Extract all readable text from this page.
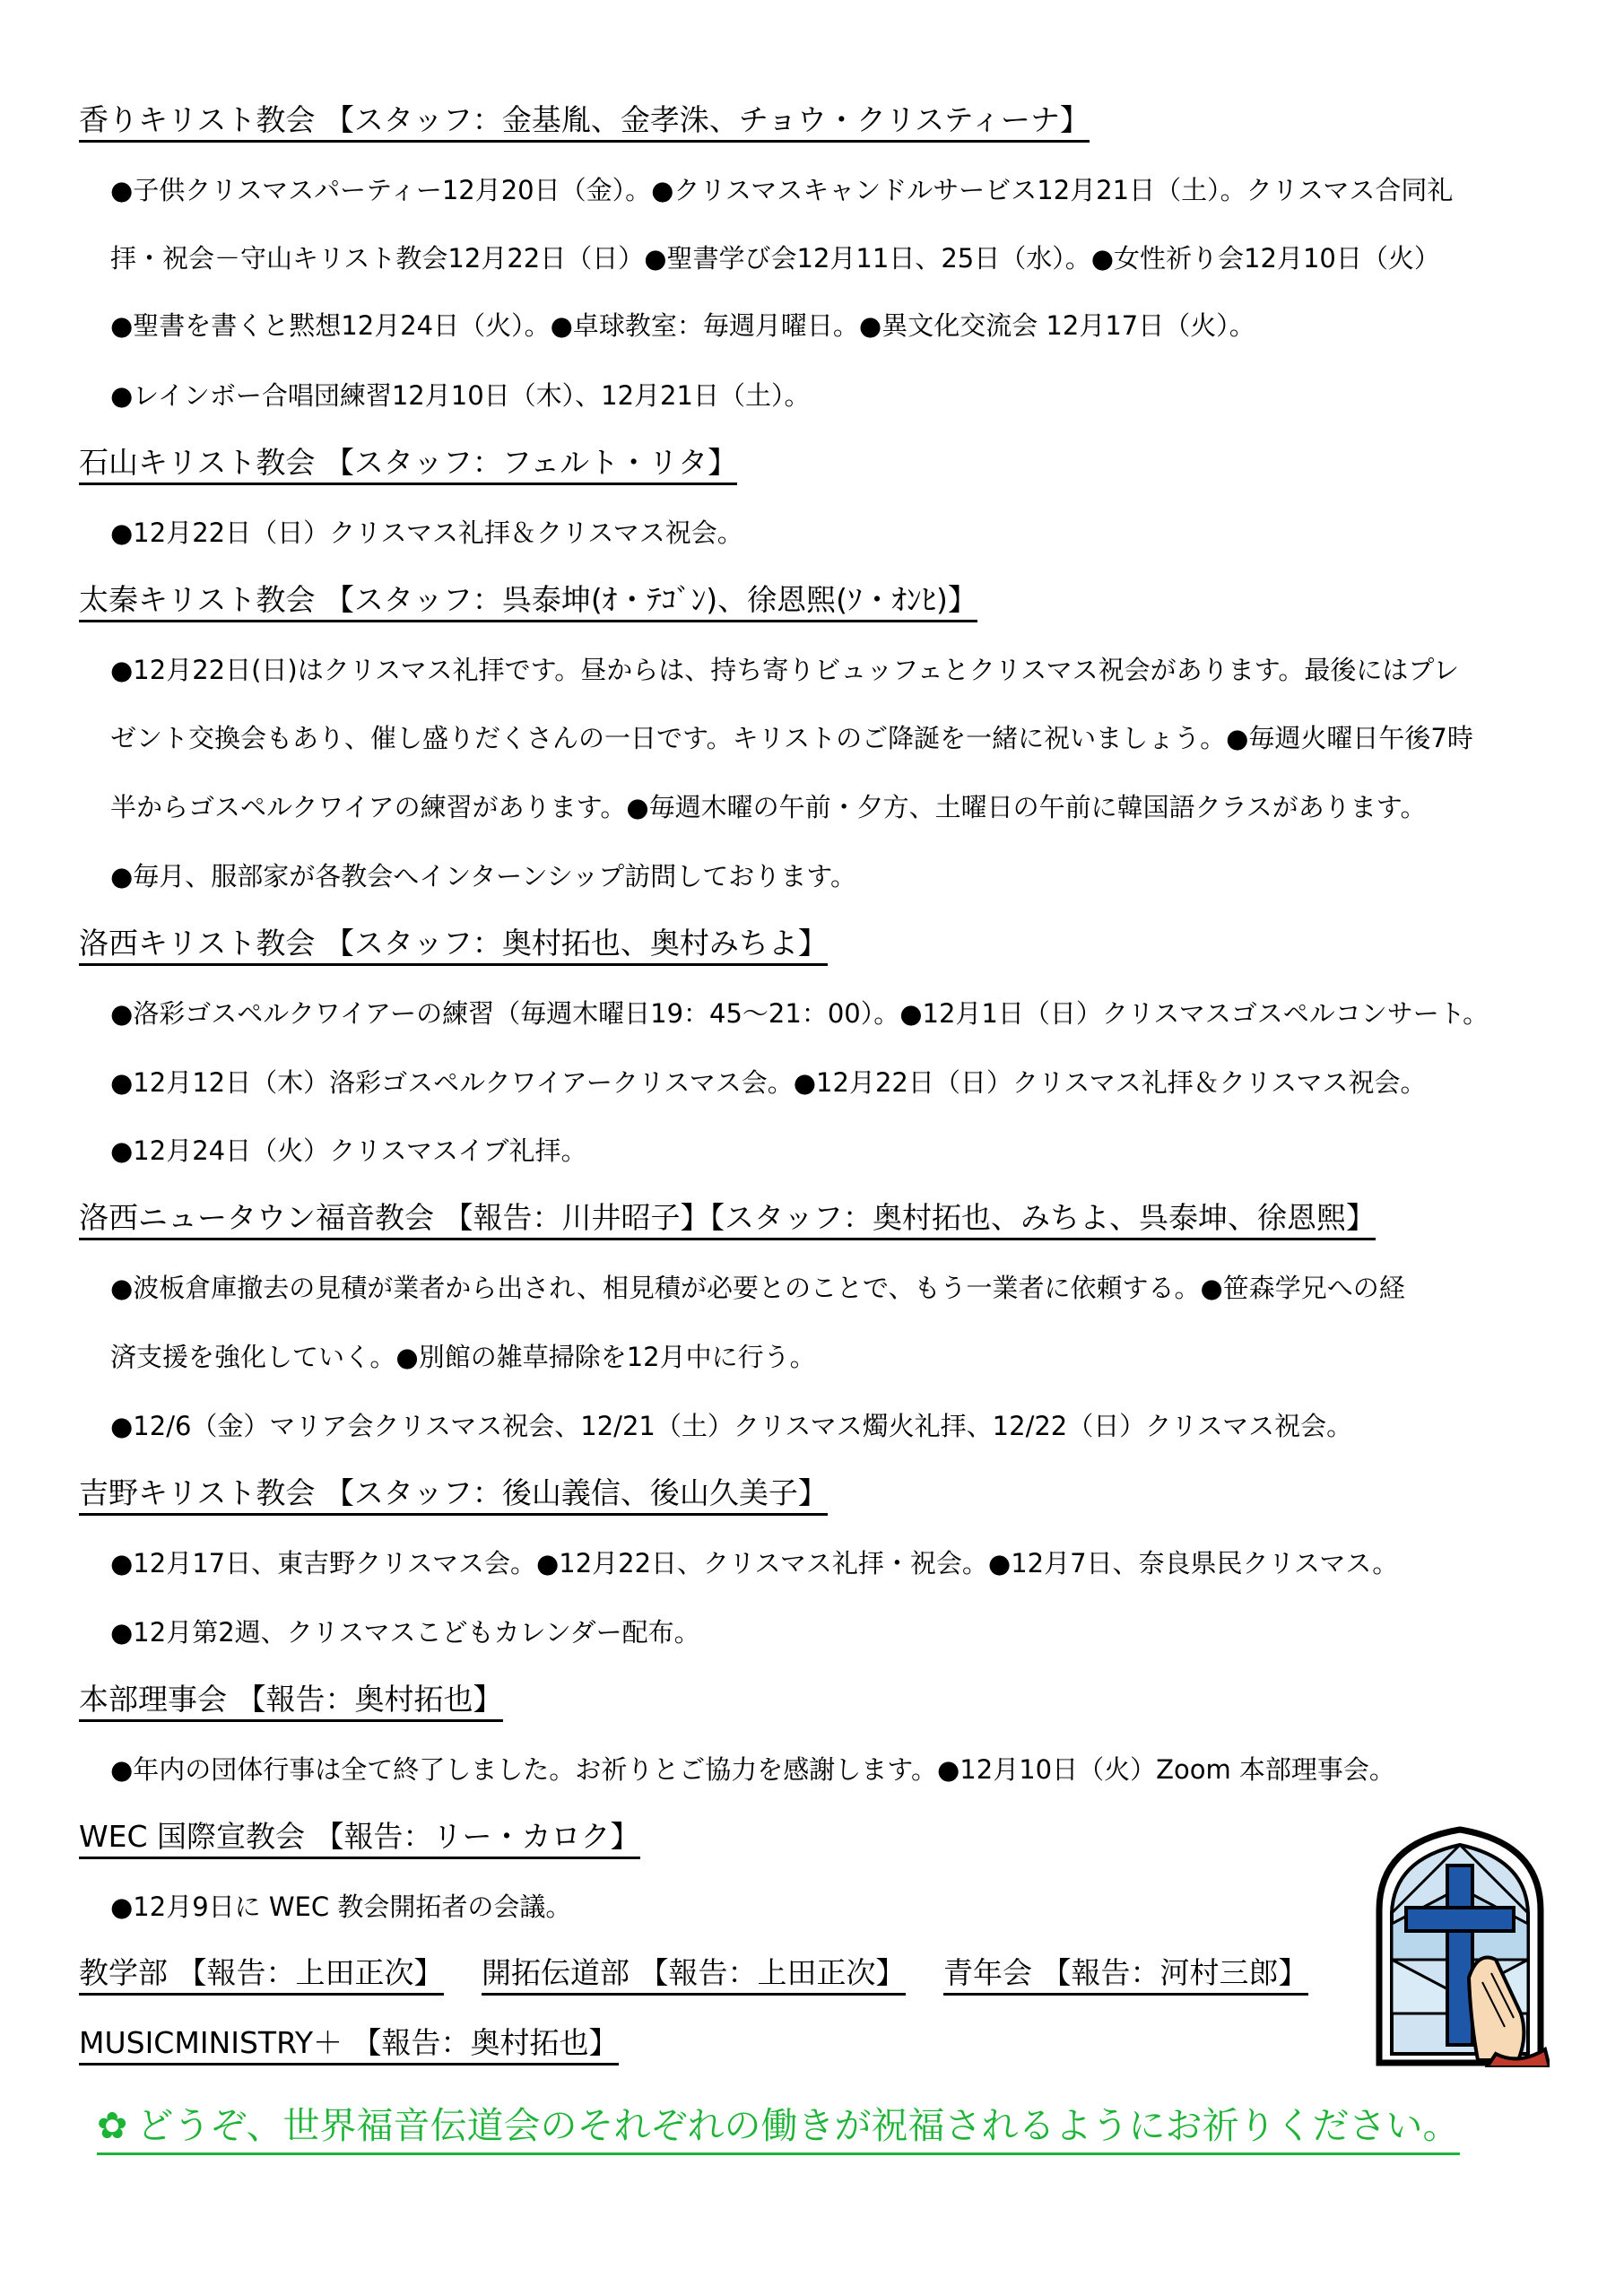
香りキリスト教会 【スタッフ：金基胤、金孝洙、チョウ・クリスティーナ】
●子供クリスマスパーティー12月20日（金）。●クリスマスキャンドルサービス12月21日（土）。クリスマス合同礼
拝・祝会－守山キリスト教会12月22日（日）●聖書学び会12月11日、25日（水）。●女性祈り会12月10日（火）
●聖書を書くと黙想12月24日（火）。●卓球教室：毎週月曜日。●異文化交流会 12月17日（火）。
●レインボー合唱団練習12月10日（木）、12月21日（土）。
石山キリスト教会 【スタッフ：フェルト・リタ】
●12月22日（日）クリスマス礼拝＆クリスマス祝会。
太秦キリスト教会 【スタッフ：呉泰坤(ｵ・ﾃｺﾞﾝ)、徐恩煕(ｿ・ｵﾝﾋ)】
●12月22日(日)はクリスマス礼拝です。昼からは、持ち寄りビュッフェとクリスマス祝会があります。最後にはプレ
ゼント交換会もあり、催し盛りだくさんの一日です。キリストのご降誕を一緒に祝いましょう。●毎週火曜日午後7時
半からゴスペルクワイアの練習があります。●毎週木曜の午前・夕方、土曜日の午前に韓国語クラスがあります。
●毎月、服部家が各教会へインターンシップ訪問しております。
洛西キリスト教会 【スタッフ：奥村拓也、奥村みちよ】
●洛彩ゴスペルクワイアーの練習（毎週木曜日19：45～21：00）。●12月1日（日）クリスマスゴスペルコンサート。
●12月12日（木）洛彩ゴスペルクワイアークリスマス会。●12月22日（日）クリスマス礼拝＆クリスマス祝会。
●12月24日（火）クリスマスイブ礼拝。
洛西ニュータウン福音教会 【報告：川井昭子】【スタッフ：奥村拓也、みちよ、呉泰坤、徐恩煕】
●波板倉庫撤去の見積が業者から出され、相見積が必要とのことで、もう一業者に依頼する。●笹森学兄への経
済支援を強化していく。●別館の雑草掃除を12月中に行う。
●12/6（金）マリア会クリスマス祝会、12/21（土）クリスマス燭火礼拝、12/22（日）クリスマス祝会。
吉野キリスト教会 【スタッフ：後山義信、後山久美子】
●12月17日、東吉野クリスマス会。●12月22日、クリスマス礼拝・祝会。●12月7日、奈良県民クリスマス。
●12月第2週、クリスマスこどもカレンダー配布。
本部理事会 【報告：奥村拓也】
●年内の団体行事は全て終了しました。お祈りとご協力を感謝します。●12月10日（火）Zoom 本部理事会。
WEC 国際宣教会 【報告：リー・カロク】
●12月9日に WEC 教会開拓者の会議。
教学部 【報告：上田正次】 開拓伝道部 【報告：上田正次】 青年会 【報告：河村三郎】
MUSICMINISTRY＋ 【報告：奥村拓也】
✿ どうぞ、世界福音伝道会のそれぞれの働きが祝福されるようにお祈りください。
